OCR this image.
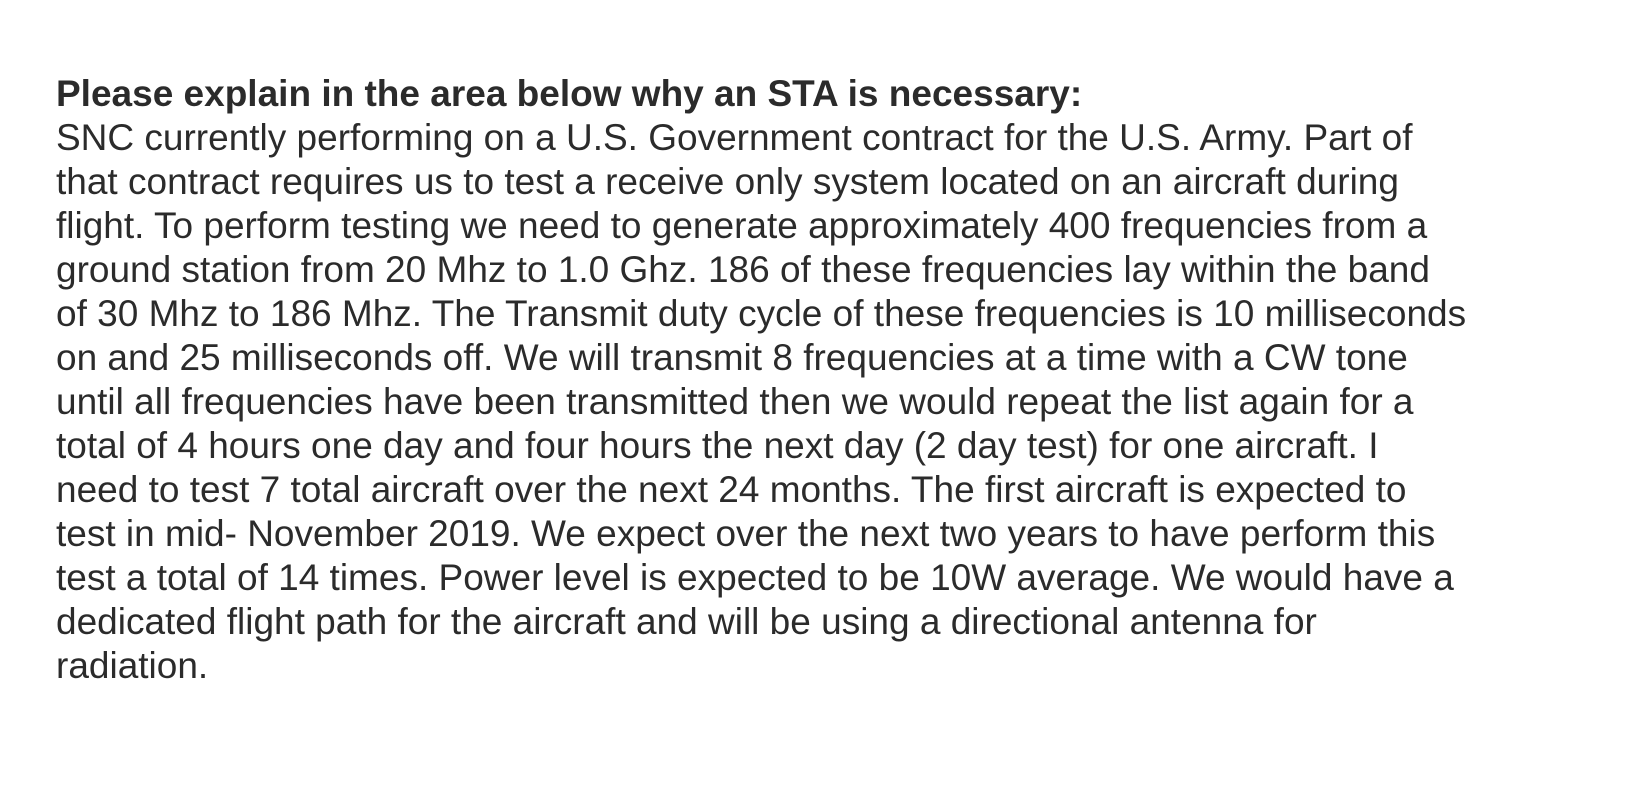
Please explain in the area below why an STA is necessary:

SNC currently performing on a U.S. Government contract for the U.S. Army. Part of
that contract requires us to test a receive only system located on an aircraft during
flight. To perform testing we need to generate approximately 400 frequencies from a
ground station from 20 Mhz to 1.0 Ghz. 186 of these frequencies lay within the band
of 30 Mhz to 186 Mhz. The Transmit duty cycle of these frequencies is 10 milliseconds
on and 25 milliseconds off. We will transmit 8 frequencies at a time with a CW tone
until all frequencies have been transmitted then we would repeat the list again for a
total of 4 hours one day and four hours the next day (2 day test) for one aircraft. I
need to test 7 total aircraft over the next 24 months. The first aircraft is expected to
test in mid- November 2019. We expect over the next two years to have perform this
test a total of 14 times. Power level is expected to be 10W average. We would have a
dedicated flight path for the aircraft and will be using a directional antenna for
radiation.
